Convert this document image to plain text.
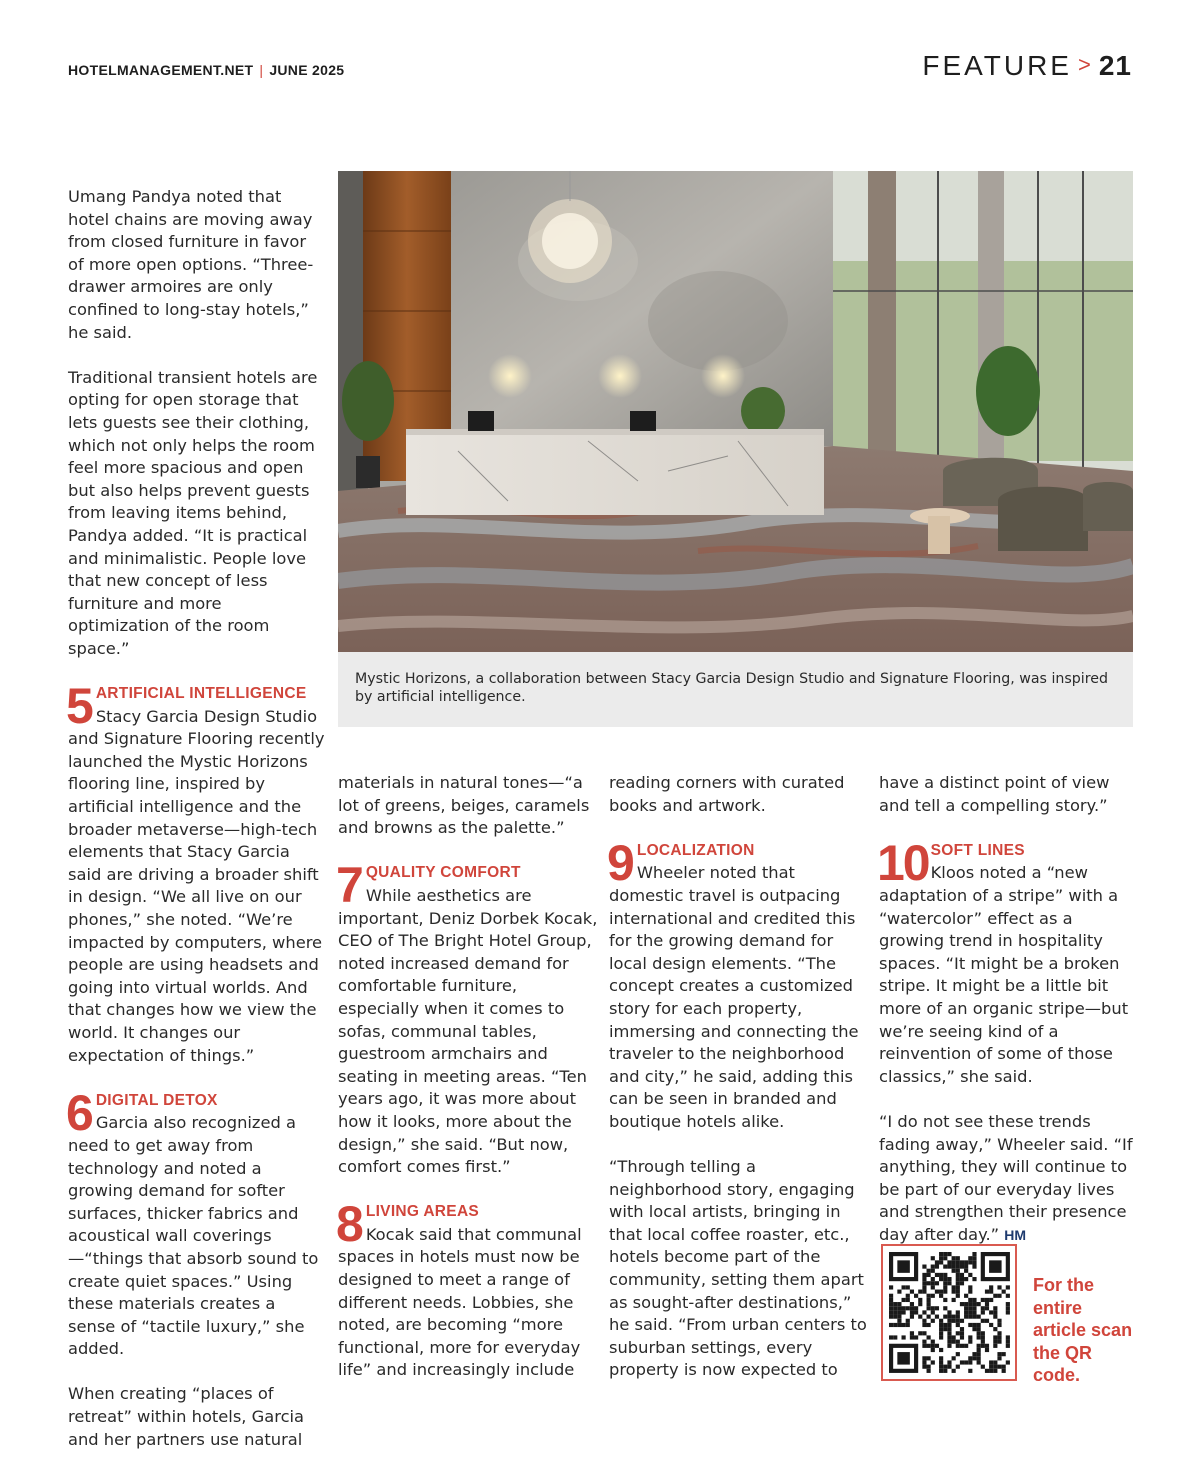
HOTELMANAGEMENT.NET | JUNE 2025	FEATURE > 21

Umang Pandya noted that hotel chains are moving away from closed furniture in favor of more open options. “Three-drawer armoires are only confined to long-stay hotels,” he said.

Traditional transient hotels are opting for open storage that lets guests see their clothing, which not only helps the room feel more spacious and open but also helps prevent guests from leaving items behind, Pandya added. “It is practical and minimalistic. People love that new concept of less furniture and more optimization of the room space.”

5 ARTIFICIAL INTELLIGENCE
Stacy Garcia Design Studio and Signature Flooring recently launched the Mystic Horizons flooring line, inspired by artificial intelligence and the broader metaverse—high-tech elements that Stacy Garcia said are driving a broader shift in design. “We all live on our phones,” she noted. “We’re impacted by computers, where people are using headsets and going into virtual worlds. And that changes how we view the world. It changes our expectation of things.”
6 DIGITAL DETOX
Garcia also recognized a need to get away from technology and noted a growing demand for softer surfaces, thicker fabrics and acoustical wall coverings—“things that absorb sound to create quiet spaces.” Using these materials creates a sense of “tactile luxury,” she added.

When creating “places of retreat” within hotels, Garcia and her partners use natural

Mystic Horizons, a collaboration between Stacy Garcia Design Studio and Signature Flooring, was inspired by artificial intelligence.

materials in natural tones—“a lot of greens, beiges, caramels and browns as the palette.”

7 QUALITY COMFORT
While aesthetics are important, Deniz Dorbek Kocak, CEO of The Bright Hotel Group, noted increased demand for comfortable furniture, especially when it comes to sofas, communal tables, guestroom armchairs and seating in meeting areas. “Ten years ago, it was more about how it looks, more about the design,” she said. “But now, comfort comes first.”
8 LIVING AREAS
Kocak said that communal spaces in hotels must now be designed to meet a range of different needs. Lobbies, she noted, are becoming “more functional, more for everyday life” and increasingly include

reading corners with curated books and artwork.

9 LOCALIZATION
Wheeler noted that domestic travel is outpacing international and credited this for the growing demand for local design elements. “The concept creates a customized story for each property, immersing and connecting the traveler to the neighborhood and city,” he said, adding this can be seen in branded and boutique hotels alike.

“Through telling a neighborhood story, engaging with local artists, bringing in that local coffee roaster, etc., hotels become part of the community, setting them apart as sought-after destinations,” he said. “From urban centers to suburban settings, every property is now expected to

have a distinct point of view and tell a compelling story.”

10 SOFT LINES
Kloos noted a “new adaptation of a stripe” with a “watercolor” effect as a growing trend in hospitality spaces. “It might be a broken stripe. It might be a little bit more of an organic stripe—but we’re seeing kind of a reinvention of some of those classics,” she said.

“I do not see these trends fading away,” Wheeler said. “If anything, they will continue to be part of our everyday lives and strengthen their presence day after day.” HM

For the entire article scan the QR code.
